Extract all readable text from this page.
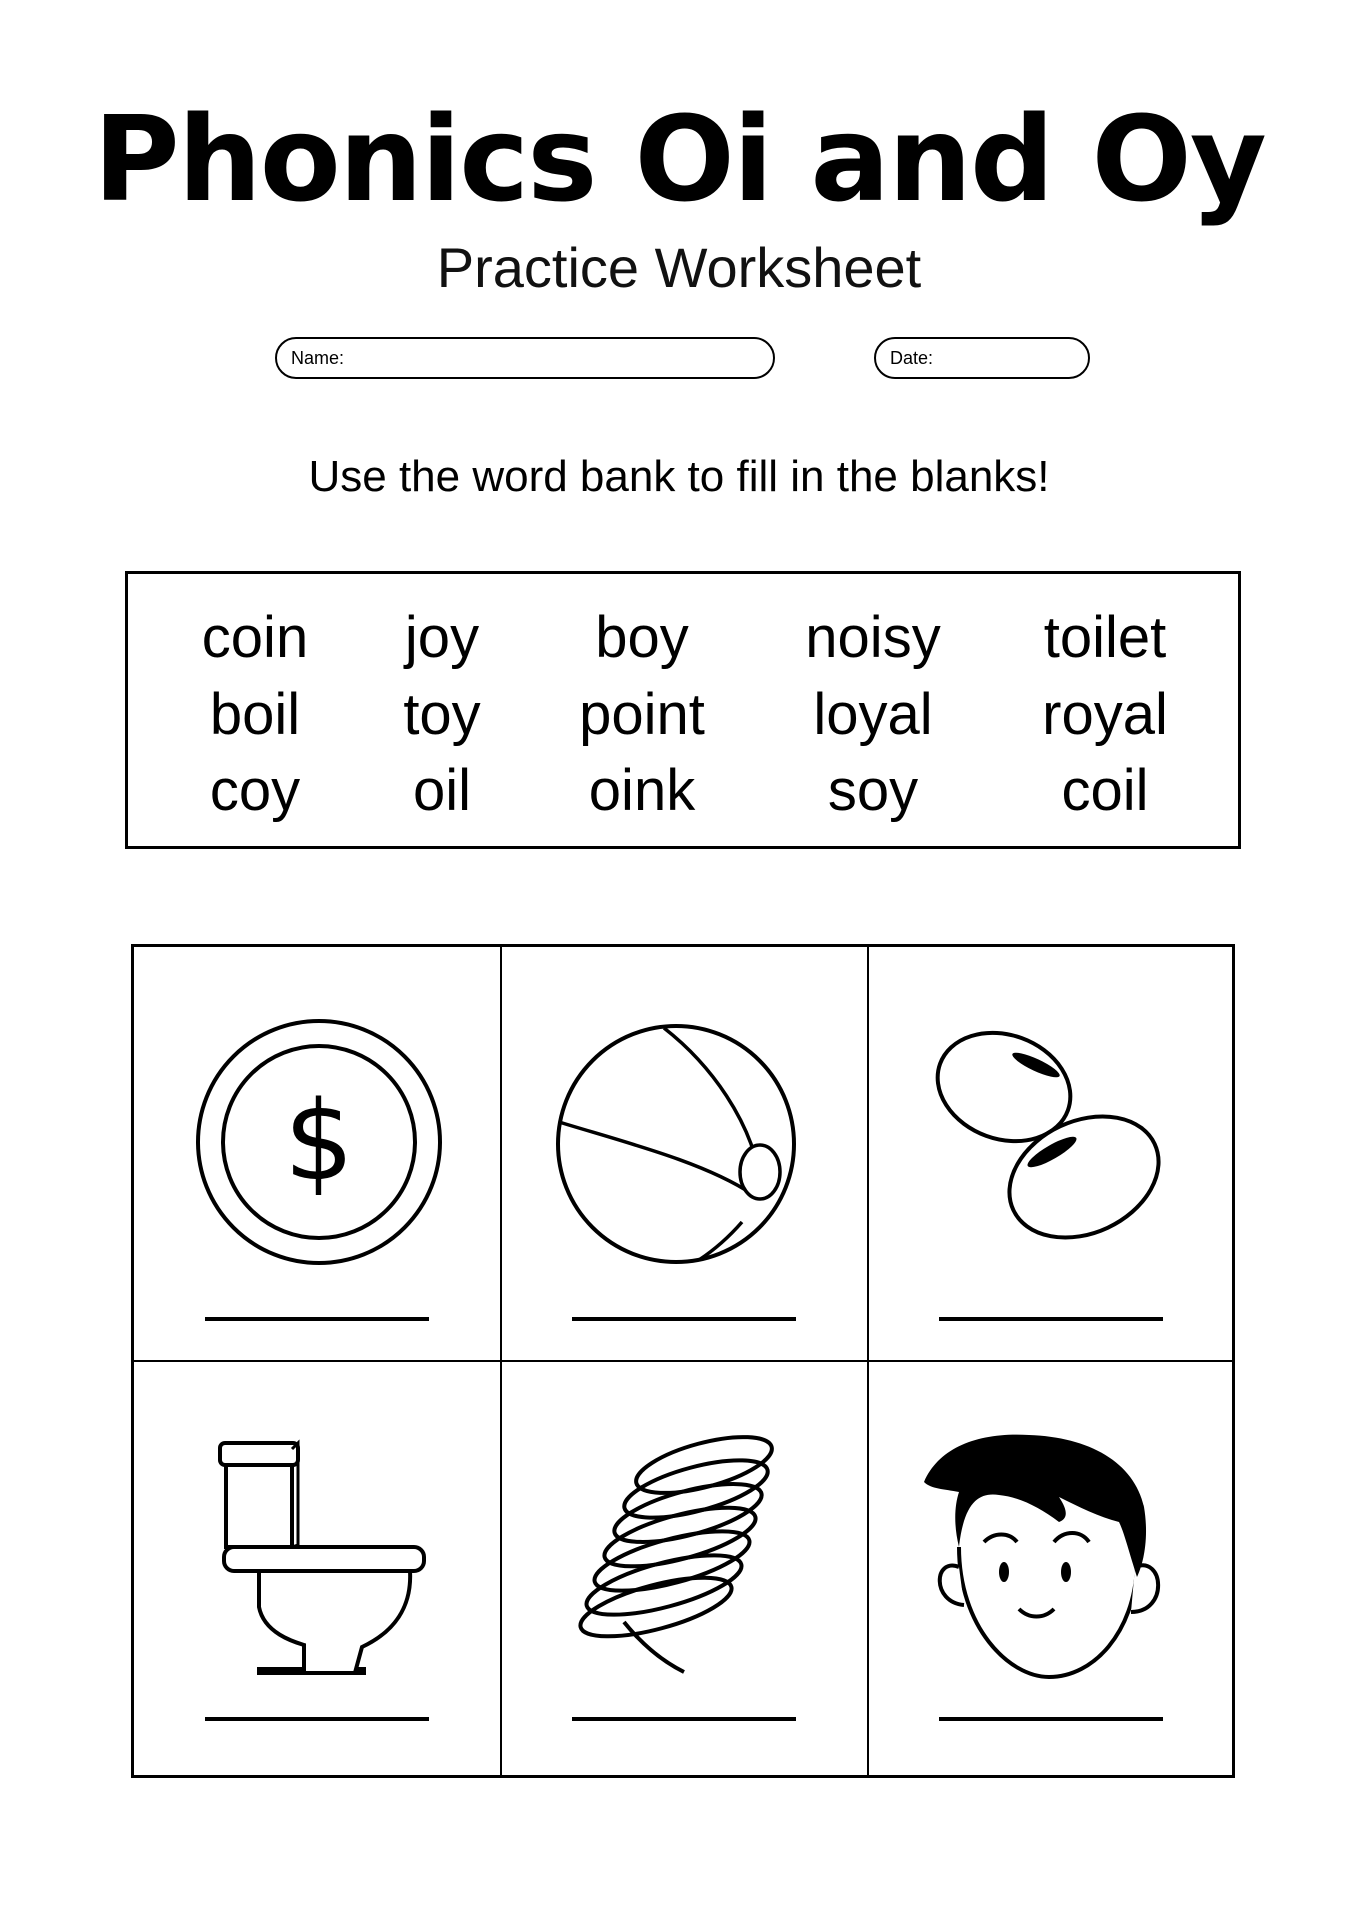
Phonics Oi and Oy
Practice Worksheet
Name:	Date:
Use the word bank to fill in the blanks!
coin	joy	boy	noisy	toilet
boil	toy	point	loyal	royal
coy	oil	oink	soy	coil
$
